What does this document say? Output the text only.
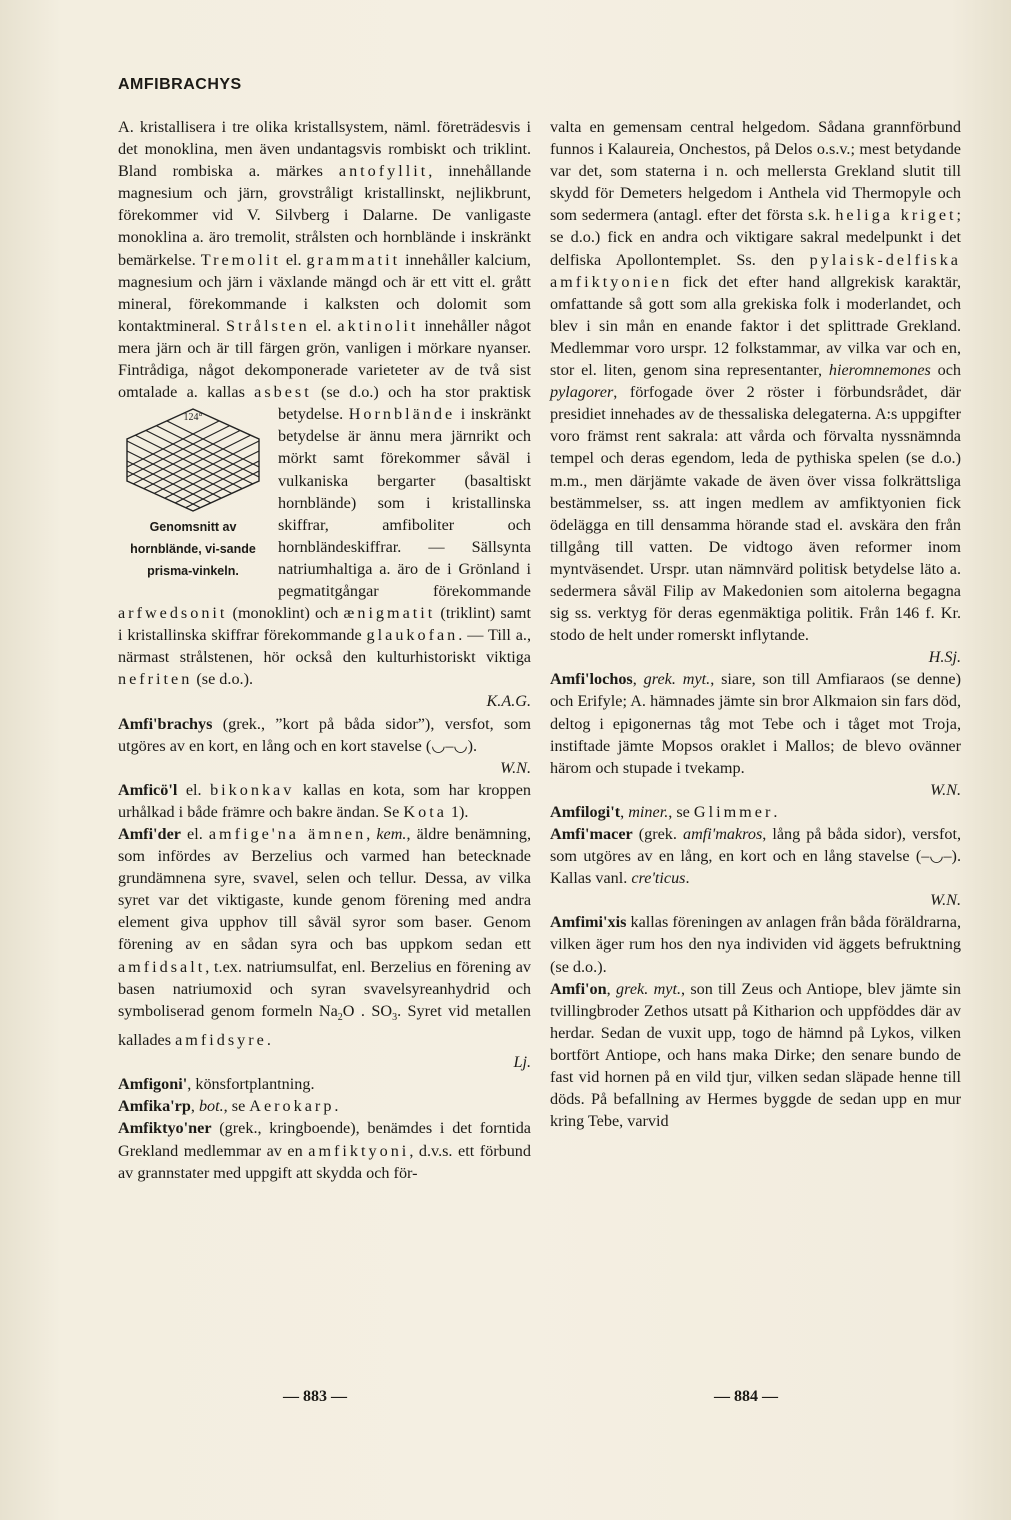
AMFIBRACHYS

A. kristallisera i tre olika kristallsystem, näml. företrädesvis i det monoklina, men även undantagsvis rombiskt och triklint. Bland rombiska a. märkes antofyllit, innehållande magnesium och järn, grovstråligt kristallinskt, nejlikbrunt, förekommer vid V. Silvberg i Dalarne. De vanligaste monoklina a. äro tremolit, strålsten och hornblände i inskränkt bemärkelse. Tremolit el. grammatit innehåller kalcium, magnesium och järn i växlande mängd och är ett vitt el. grått mineral, förekommande i kalksten och dolomit som kontaktmineral. Strålsten el. aktinolit innehåller något mera järn och är till färgen grön, vanligen i mörkare nyanser. Fintrådiga, något dekomponerade varieteter av de två sist omtalade a. kallas asbest (se d.o.) och ha stor praktisk betydelse. Hornblände
124°
Genomsnitt av hornblände, vi-sande prisma-vinkeln.
i inskränkt betydelse är ännu mera järnrikt och mörkt samt förekommer såväl i vulkaniska bergarter (basaltiskt hornblände) som i kristallinska skiffrar, amfiboliter och hornbländeskiffrar. — Sällsynta natriumhaltiga a. äro de i Grönland i pegmatitgångar förekommande arfwedsonit (monoklint) och ænigmatit (triklint) samt i kristallinska skiffrar förekommande glaukofan. — Till a., närmast strålstenen, hör också den kulturhistoriskt viktiga nefriten (se d.o.).

K.A.G.

Amfi'brachys (grek., ”kort på båda sidor”), versfot, som utgöres av en kort, en lång och en kort stavelse (◡–◡).

W.N.

Amficö'l el. bikonkav kallas en kota, som har kroppen urhålkad i både främre och bakre ändan. Se Kota 1).

Amfi'der el. amfige'na ämnen, kem., äldre benämning, som infördes av Berzelius och varmed han betecknade grundämnena syre, svavel, selen och tellur. Dessa, av vilka syret var det viktigaste, kunde genom förening med andra element giva upphov till såväl syror som baser. Genom förening av en sådan syra och bas uppkom sedan ett amfidsalt, t.ex. natriumsulfat, enl. Berzelius en förening av basen natriumoxid och syran svavelsyreanhydrid och symboliserad genom formeln $Na_2O$ . $SO_3$. Syret vid metallen kallades amfidsyre.

Lj.

Amfigoni', könsfortplantning.

Amfika'rp, bot., se Aerokarp.

Amfiktyo'ner (grek., kringboende), benämdes i det forntida Grekland medlemmar av en amfiktyoni, d.v.s. ett förbund av grannstater med uppgift att skydda och för-

valta en gemensam central helgedom. Sådana grannförbund funnos i Kalaureia, Onchestos, på Delos o.s.v.; mest betydande var det, som staterna i n. och mellersta Grekland slutit till skydd för Demeters helgedom i Anthela vid Thermopyle och som sedermera (antagl. efter det första s.k. heliga kriget; se d.o.) fick en andra och viktigare sakral medelpunkt i det delfiska Apollontemplet. Ss. den pylaisk-delfiska amfiktyonien fick det efter hand allgrekisk karaktär, omfattande så gott som alla grekiska folk i moderlandet, och blev i sin mån en enande faktor i det splittrade Grekland. Medlemmar voro urspr. 12 folkstammar, av vilka var och en, stor el. liten, genom sina representanter, hieromnemones och pylagorer, förfogade över 2 röster i förbundsrådet, där presidiet innehades av de thessaliska delegaterna. A:s uppgifter voro främst rent sakrala: att vårda och förvalta nyssnämnda tempel och deras egendom, leda de pythiska spelen (se d.o.) m.m., men därjämte vakade de även över vissa folkrättsliga bestämmelser, ss. att ingen medlem av amfiktyonien fick ödelägga en till densamma hörande stad el. avskära den från tillgång till vatten. De vidtogo även reformer inom myntväsendet. Urspr. utan nämnvärd politisk betydelse läto a. sedermera såväl Filip av Makedonien som aitolerna begagna sig ss. verktyg för deras egenmäktiga politik. Från 146 f. Kr. stodo de helt under romerskt inflytande.

H.Sj.

Amfi'lochos, grek. myt., siare, son till Amfiaraos (se denne) och Erifyle; A. hämnades jämte sin bror Alkmaion sin fars död, deltog i epigonernas tåg mot Tebe och i tåget mot Troja, instiftade jämte Mopsos oraklet i Mallos; de blevo ovänner härom och stupade i tvekamp.

W.N.

Amfilogi't, miner., se Glimmer.

Amfi'macer (grek. amfi'makros, lång på båda sidor), versfot, som utgöres av en lång, en kort och en lång stavelse (–◡–). Kallas vanl. cre'ticus.

W.N.

Amfimi'xis kallas föreningen av anlagen från båda föräldrarna, vilken äger rum hos den nya individen vid äggets befruktning (se d.o.).

Amfi'on, grek. myt., son till Zeus och Antiope, blev jämte sin tvillingbroder Zethos utsatt på Kitharion och uppföddes där av herdar. Sedan de vuxit upp, togo de hämnd på Lykos, vilken bortfört Antiope, och hans maka Dirke; den senare bundo de fast vid hornen på en vild tjur, vilken sedan släpade henne till döds. På befallning av Hermes byggde de sedan upp en mur kring Tebe, varvid

— 883 —	— 884 —
